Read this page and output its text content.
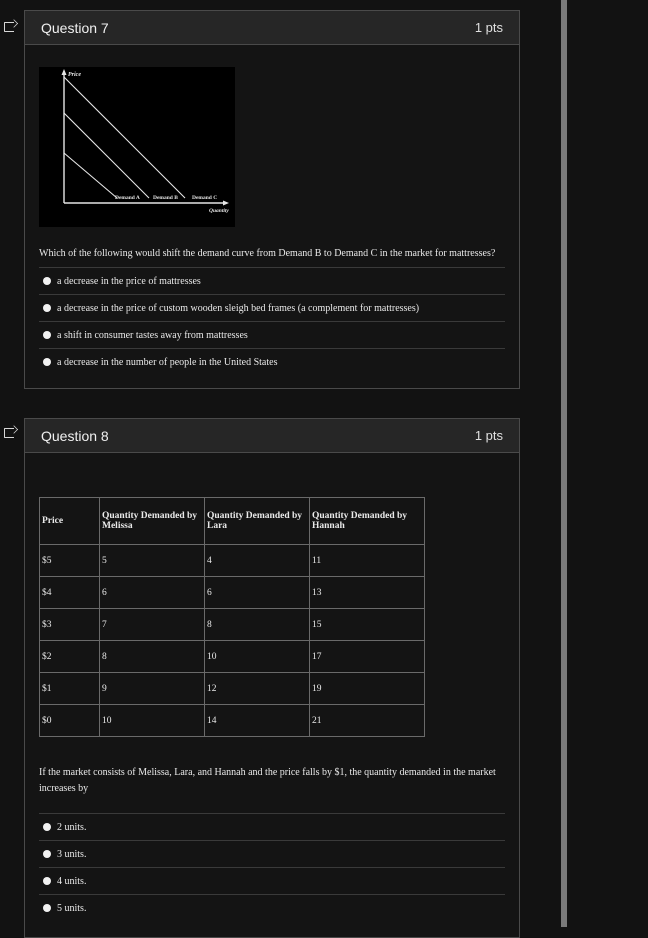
Question 7	1 pts
Price
Demand A Demand B	Demand C
Quantity
Which of the following would shift the demand curve from Demand B to Demand C in the market for mattresses?
a decrease in the price of mattresses
a decrease in the price of custom wooden sleigh bed frames (a complement for mattresses)
a shift in consumer tastes away from mattresses
a decrease in the number of people in the United States
Question 8	1 pts
Price	Quantity Demanded by Melissa	Quantity Demanded by Lara	Quantity Demanded by Hannah
$5	5	4	11
$4	6	6	13
$3	7	8	15
$2	8	10	17
$1	9	12	19
$0	10	14	21
If the market consists of Melissa, Lara, and Hannah and the price falls by $1, the quantity demanded in the market increases by
2 units.
3 units.
4 units.
5 units.
